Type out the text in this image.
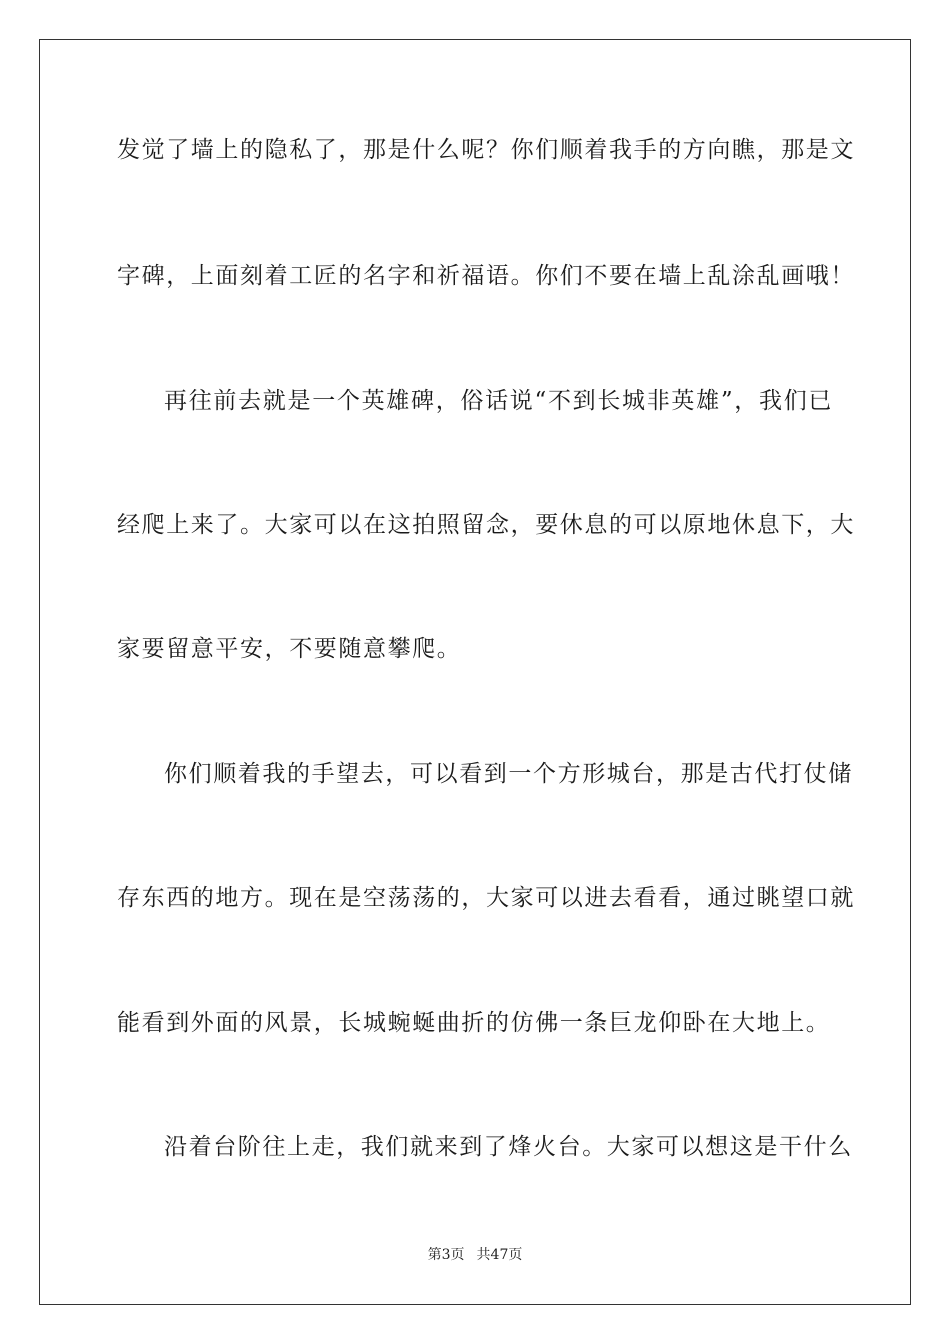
发觉了墙上的隐私了，那是什么呢？你们顺着我手的方向瞧，那是文
字碑，上面刻着工匠的名字和祈福语。你们不要在墙上乱涂乱画哦！
再往前去就是一个英雄碑，俗话说“不到长城非英雄”，我们已
经爬上来了。大家可以在这拍照留念，要休息的可以原地休息下，大
家要留意平安，不要随意攀爬。
你们顺着我的手望去，可以看到一个方形城台，那是古代打仗储
存东西的地方。现在是空荡荡的，大家可以进去看看，通过眺望口就
能看到外面的风景，长城蜿蜒曲折的仿佛一条巨龙仰卧在大地上。
沿着台阶往上走，我们就来到了烽火台。大家可以想这是干什么
第3页 共47页
